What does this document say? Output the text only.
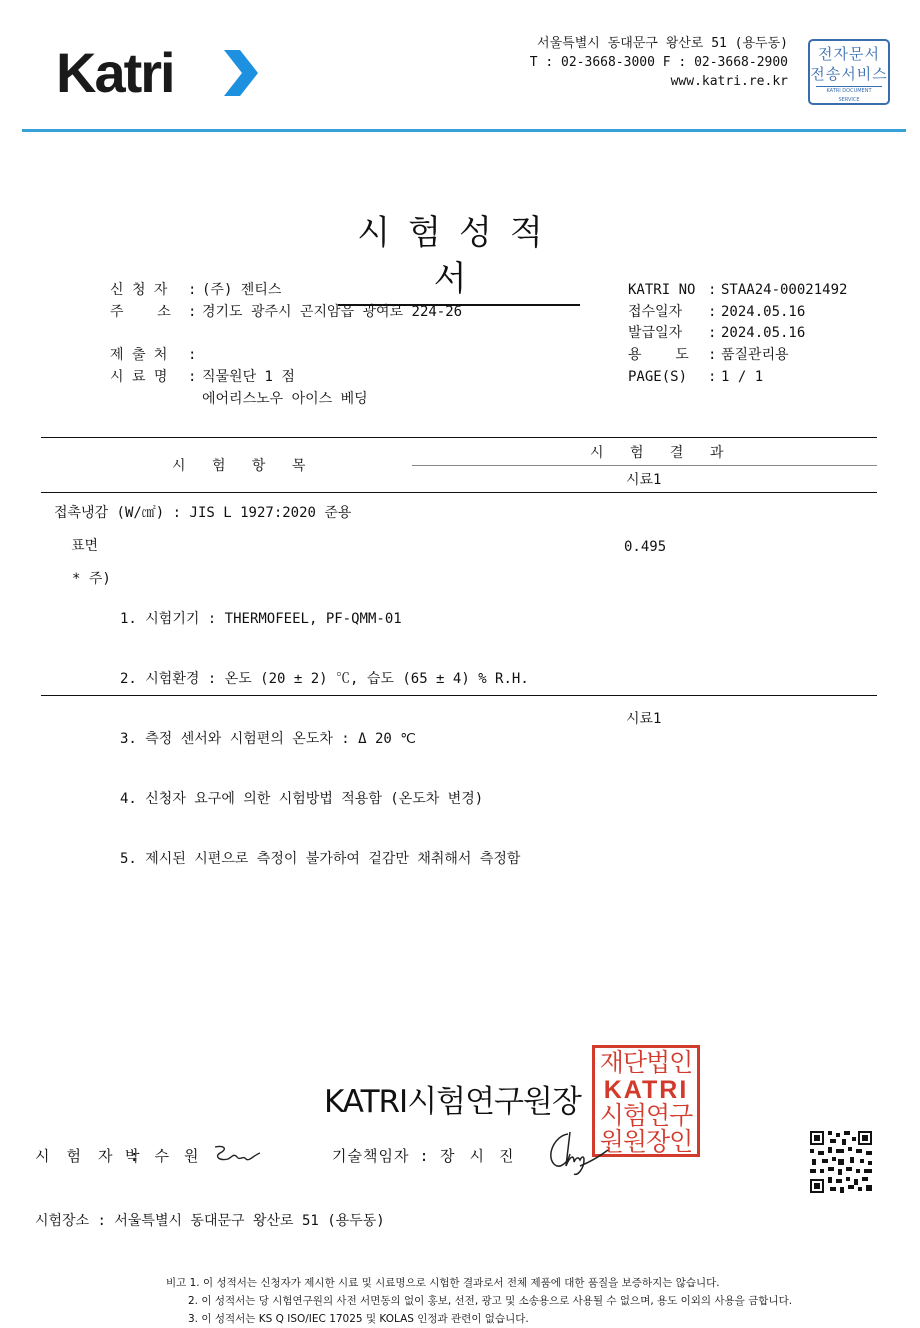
Katri	서울특별시 동대문구 왕산로 51 (용두동)
T : 02-3668-3000 F : 02-3668-2900
www.katri.re.kr
전자문서
전송서비스
KATRI DOCUMENT SERVICE
시험성적서
신 청 자	: (주) 젠티스
주    소	: 경기도 광주시 곤지암읍 광여로 224-26
제 출 처	:
시 료 명	: 직물원단 1 점
에어리스노우 아이스 베딩
KATRI NO : STAA24-00021492
접수일자	: 2024.05.16
발급일자	: 2024.05.16
용    도	: 품질관리용
PAGE(S)	: 1 / 1
시 험 항 목
시 험 결 과
시료1
접촉냉감 (W/㎠) : JIS L 1927:2020 준용
표면	0.495
* 주)

1. 시험기기 : THERMOFEEL, PF-QMM-01

2. 시험환경 : 온도 (20 ± 2) ℃, 습도 (65 ± 4) % R.H.

3. 측정 센서와 시험편의 온도차 : Δ 20 ℃

4. 신청자 요구에 의한 시험방법 적용함 (온도차 변경)

5. 제시된 시편으로 측정이 불가하여 겉감만 채취해서 측정함

시료1
KATRI시험연구원장
재단법인
KATRI
시험연구
원원장인
시 험 자 :
박 수 원	기술책임자 : 장 시 진
시험장소 : 서울특별시 동대문구 왕산로 51 (용두동)
비고 1. 이 성적서는 신청자가 제시한 시료 및 시료명으로 시험한 결과로서 전체 제품에 대한 품질을 보증하지는 않습니다.
2. 이 성적서는 당 시험연구원의 사전 서면동의 없이 홍보, 선전, 광고 및 소송용으로 사용될 수 없으며, 용도 이외의 사용을 금합니다.
3. 이 성적서는 KS Q ISO/IEC 17025 및 KOLAS 인정과 관련이 없습니다.
